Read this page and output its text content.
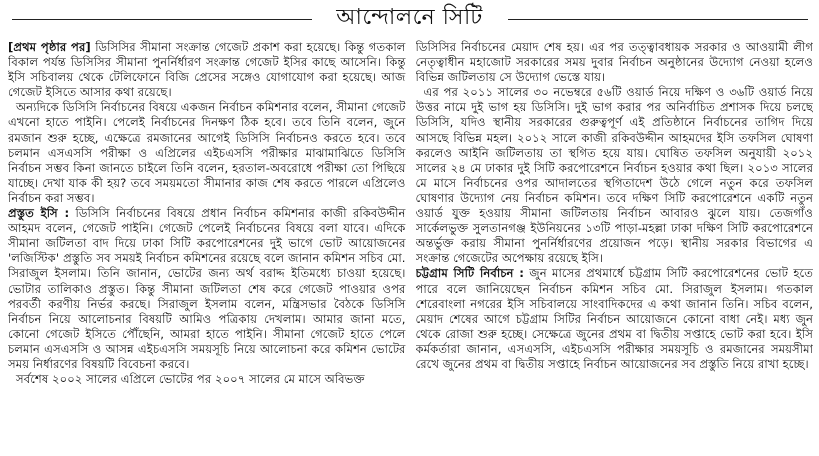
আন্দোলনে সিটি

[প্রথম পৃষ্ঠার পর] ডিসিসির সীমানা সংক্রান্ত গেজেট প্রকাশ করা হয়েছে। কিন্তু গতকাল বিকাল পর্যন্ত ডিসিসির সীমানা পুনর্নির্ধারণ সংক্রান্ত গেজেট ইসির কাছে আসেনি। কিন্তু ইসি সচিবালয় থেকে টেলিফোনে বিজি প্রেসের সঙ্গেও যোগাযোগ করা হয়েছে। আজ গেজেট ইসিতে আসার কথা রয়েছে।

অন্যদিকে ডিসিসি নির্বাচনের বিষয়ে একজন নির্বাচন কমিশনার বলেন, সীমানা গেজেট এখনো হাতে পাইনি। পেলেই নির্বাচনের দিনক্ষণ ঠিক হবে। তবে তিনি বলেন, জুনে রমজান শুরু হচ্ছে, এক্ষেত্রে রমজানের আগেই ডিসিসি নির্বাচনও করতে হবে। তবে চলমান এসএসসি পরীক্ষা ও এপ্রিলের এইচএসসি পরীক্ষার মাঝামাঝিতে ডিসিসি নির্বাচন সম্ভব কিনা জানতে চাইলে তিনি বলেন, হরতাল-অবরোধে পরীক্ষা তো পিছিয়ে যাচ্ছে। দেখা যাক কী হয়? তবে সময়মতো সীমানার কাজ শেষ করতে পারলে এপ্রিলেও নির্বাচন করা সম্ভব।

প্রস্তুত ইসি : ডিসিসি নির্বাচনের বিষয়ে প্রধান নির্বাচন কমিশনার কাজী রকিবউদ্দীন আহমদ বলেন, গেজেট পাইনি। গেজেট পেলেই নির্বাচনের বিষয়ে বলা যাবে। এদিকে সীমানা জটিলতা বাদ দিয়ে ঢাকা সিটি করপোরেশনের দুই ভাগে ভোট আয়োজনের 'লজিস্টিক' প্রস্তুতি সব সময়ই নির্বাচন কমিশনের রয়েছে বলে জানান কমিশন সচিব মো. সিরাজুল ইসলাম। তিনি জানান, ভোটের জন্য অর্থ বরাদ্দ ইতিমধ্যে চাওয়া হয়েছে। ভোটার তালিকাও প্রস্তুত। কিন্তু সীমানা জটিলতা শেষ করে গেজেট পাওয়ার ওপর পরবর্তী করণীয় নির্ভর করছে। সিরাজুল ইসলাম বলেন, মন্ত্রিসভার বৈঠকে ডিসিসি নির্বাচন নিয়ে আলোচনার বিষয়টি আমিও পত্রিকায় দেখলাম। আমার জানা মতে, কোনো গেজেট ইসিতে পৌঁছেনি, আমরা হাতে পাইনি। সীমানা গেজেট হাতে পেলে চলমান এসএসসি ও আসন্ন এইচএসসি সময়সূচি নিয়ে আলোচনা করে কমিশন ভোটের সময় নির্ধারণের বিষয়টি বিবেচনা করবে।

সর্বশেষ ২০০২ সালের এপ্রিলে ভোটের পর ২০০৭ সালের মে মাসে অবিভক্ত

ডিসিসির নির্বাচনের মেয়াদ শেষ হয়। এর পর তত্ত্বাবধায়ক সরকার ও আওয়ামী লীগ নেতৃত্বাধীন মহাজোট সরকারের সময় দুবার নির্বাচন অনুষ্ঠানের উদ্যোগ নেওয়া হলেও বিভিন্ন জটিলতায় সে উদ্যোগ ভেস্তে যায়।

এর পর ২০১১ সালের ৩০ নভেম্বরে ৫৬টি ওয়ার্ড নিয়ে দক্ষিণ ও ৩৬টি ওয়ার্ড নিয়ে উত্তর নামে দুই ভাগ হয় ডিসিসি। দুই ভাগ করার পর অনির্বাচিত প্রশাসক দিয়ে চলছে ডিসিসি, যদিও স্থানীয় সরকারের গুরুত্বপূর্ণ এই প্রতিষ্ঠানে নির্বাচনের তাগিদ দিয়ে আসছে বিভিন্ন মহল। ২০১২ সালে কাজী রকিবউদ্দীন আহমদের ইসি তফসিল ঘোষণা করলেও আইনি জটিলতায় তা স্থগিত হয়ে যায়। ঘোষিত তফসিল অনুযায়ী ২০১২ সালের ২৪ মে ঢাকার দুই সিটি করপোরেশনে নির্বাচন হওয়ার কথা ছিল। ২০১৩ সালের মে মাসে নির্বাচনের ওপর আদালতের স্থগিতাদেশ উঠে গেলে নতুন করে তফসিল ঘোষণার উদ্যোগ নেয় নির্বাচন কমিশন। তবে দক্ষিণ সিটি করপোরেশনে একটি নতুন ওয়ার্ড যুক্ত হওয়ায় সীমানা জটিলতায় নির্বাচন আবারও ঝুলে যায়। তেজগাঁও সার্কেলভুক্ত সুলতানগঞ্জ ইউনিয়নের ১৩টি পাড়া-মহল্লা ঢাকা দক্ষিণ সিটি করপোরেশনে অন্তর্ভুক্ত করায় সীমানা পুনর্নির্ধারণের প্রয়োজন পড়ে। স্থানীয় সরকার বিভাগের এ সংক্রান্ত গেজেটের অপেক্ষায় রয়েছে ইসি।

চট্টগ্রাম সিটি নির্বাচন : জুন মাসের প্রথমার্ধে চট্টগ্রাম সিটি করপোরেশনের ভোট হতে পারে বলে জানিয়েছেন নির্বাচন কমিশন সচিব মো. সিরাজুল ইসলাম। গতকাল শেরেবাংলা নগরের ইসি সচিবালয়ে সাংবাদিকদের এ কথা জানান তিনি। সচিব বলেন, মেয়াদ শেষের আগে চট্টগ্রাম সিটির নির্বাচন আয়োজনে কোনো বাধা নেই। মধ্য জুন থেকে রোজা শুরু হচ্ছে। সেক্ষেত্রে জুনের প্রথম বা দ্বিতীয় সপ্তাহে ভোট করা হবে। ইসি কর্মকর্তারা জানান, এসএসসি, এইচএসসি পরীক্ষার সময়সূচি ও রমজানের সময়সীমা রেখে জুনের প্রথম বা দ্বিতীয় সপ্তাহে নির্বাচন আয়োজনের সব প্রস্তুতি নিয়ে রাখা হচ্ছে।
